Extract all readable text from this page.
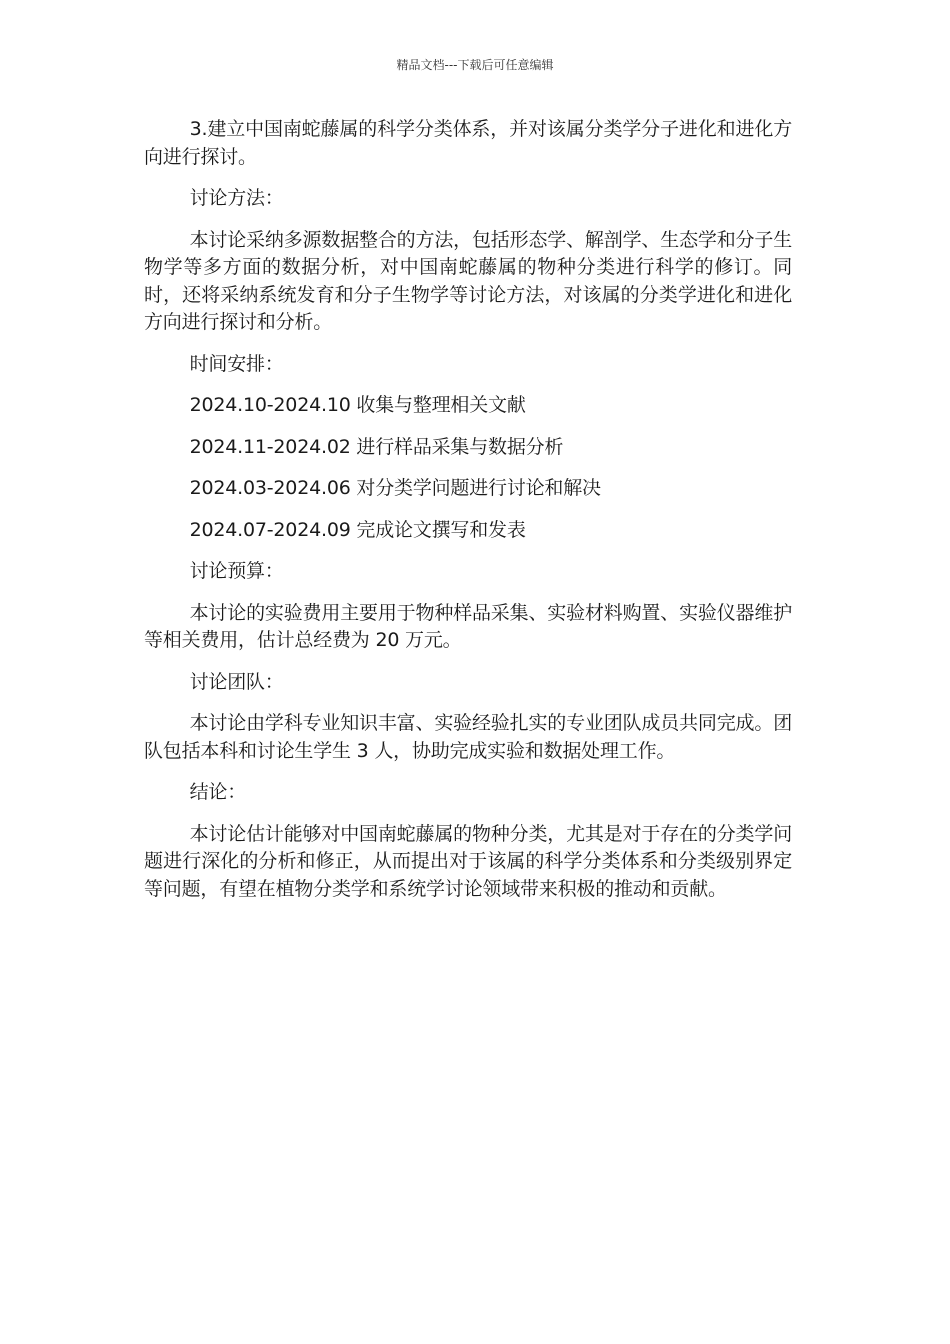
精品文档---下载后可任意编辑

3.建立中国南蛇藤属的科学分类体系，并对该属分类学分子进化和进化方向进行探讨。

讨论方法：

本讨论采纳多源数据整合的方法，包括形态学、解剖学、生态学和分子生物学等多方面的数据分析，对中国南蛇藤属的物种分类进行科学的修订。同时，还将采纳系统发育和分子生物学等讨论方法，对该属的分类学进化和进化方向进行探讨和分析。

时间安排：

2024.10-2024.10 收集与整理相关文献

2024.11-2024.02 进行样品采集与数据分析

2024.03-2024.06 对分类学问题进行讨论和解决

2024.07-2024.09 完成论文撰写和发表

讨论预算：

本讨论的实验费用主要用于物种样品采集、实验材料购置、实验仪器维护等相关费用，估计总经费为 20 万元。

讨论团队：

本讨论由学科专业知识丰富、实验经验扎实的专业团队成员共同完成。团队包括本科和讨论生学生 3 人，协助完成实验和数据处理工作。

结论：

本讨论估计能够对中国南蛇藤属的物种分类，尤其是对于存在的分类学问题进行深化的分析和修正，从而提出对于该属的科学分类体系和分类级别界定等问题，有望在植物分类学和系统学讨论领域带来积极的推动和贡献。
